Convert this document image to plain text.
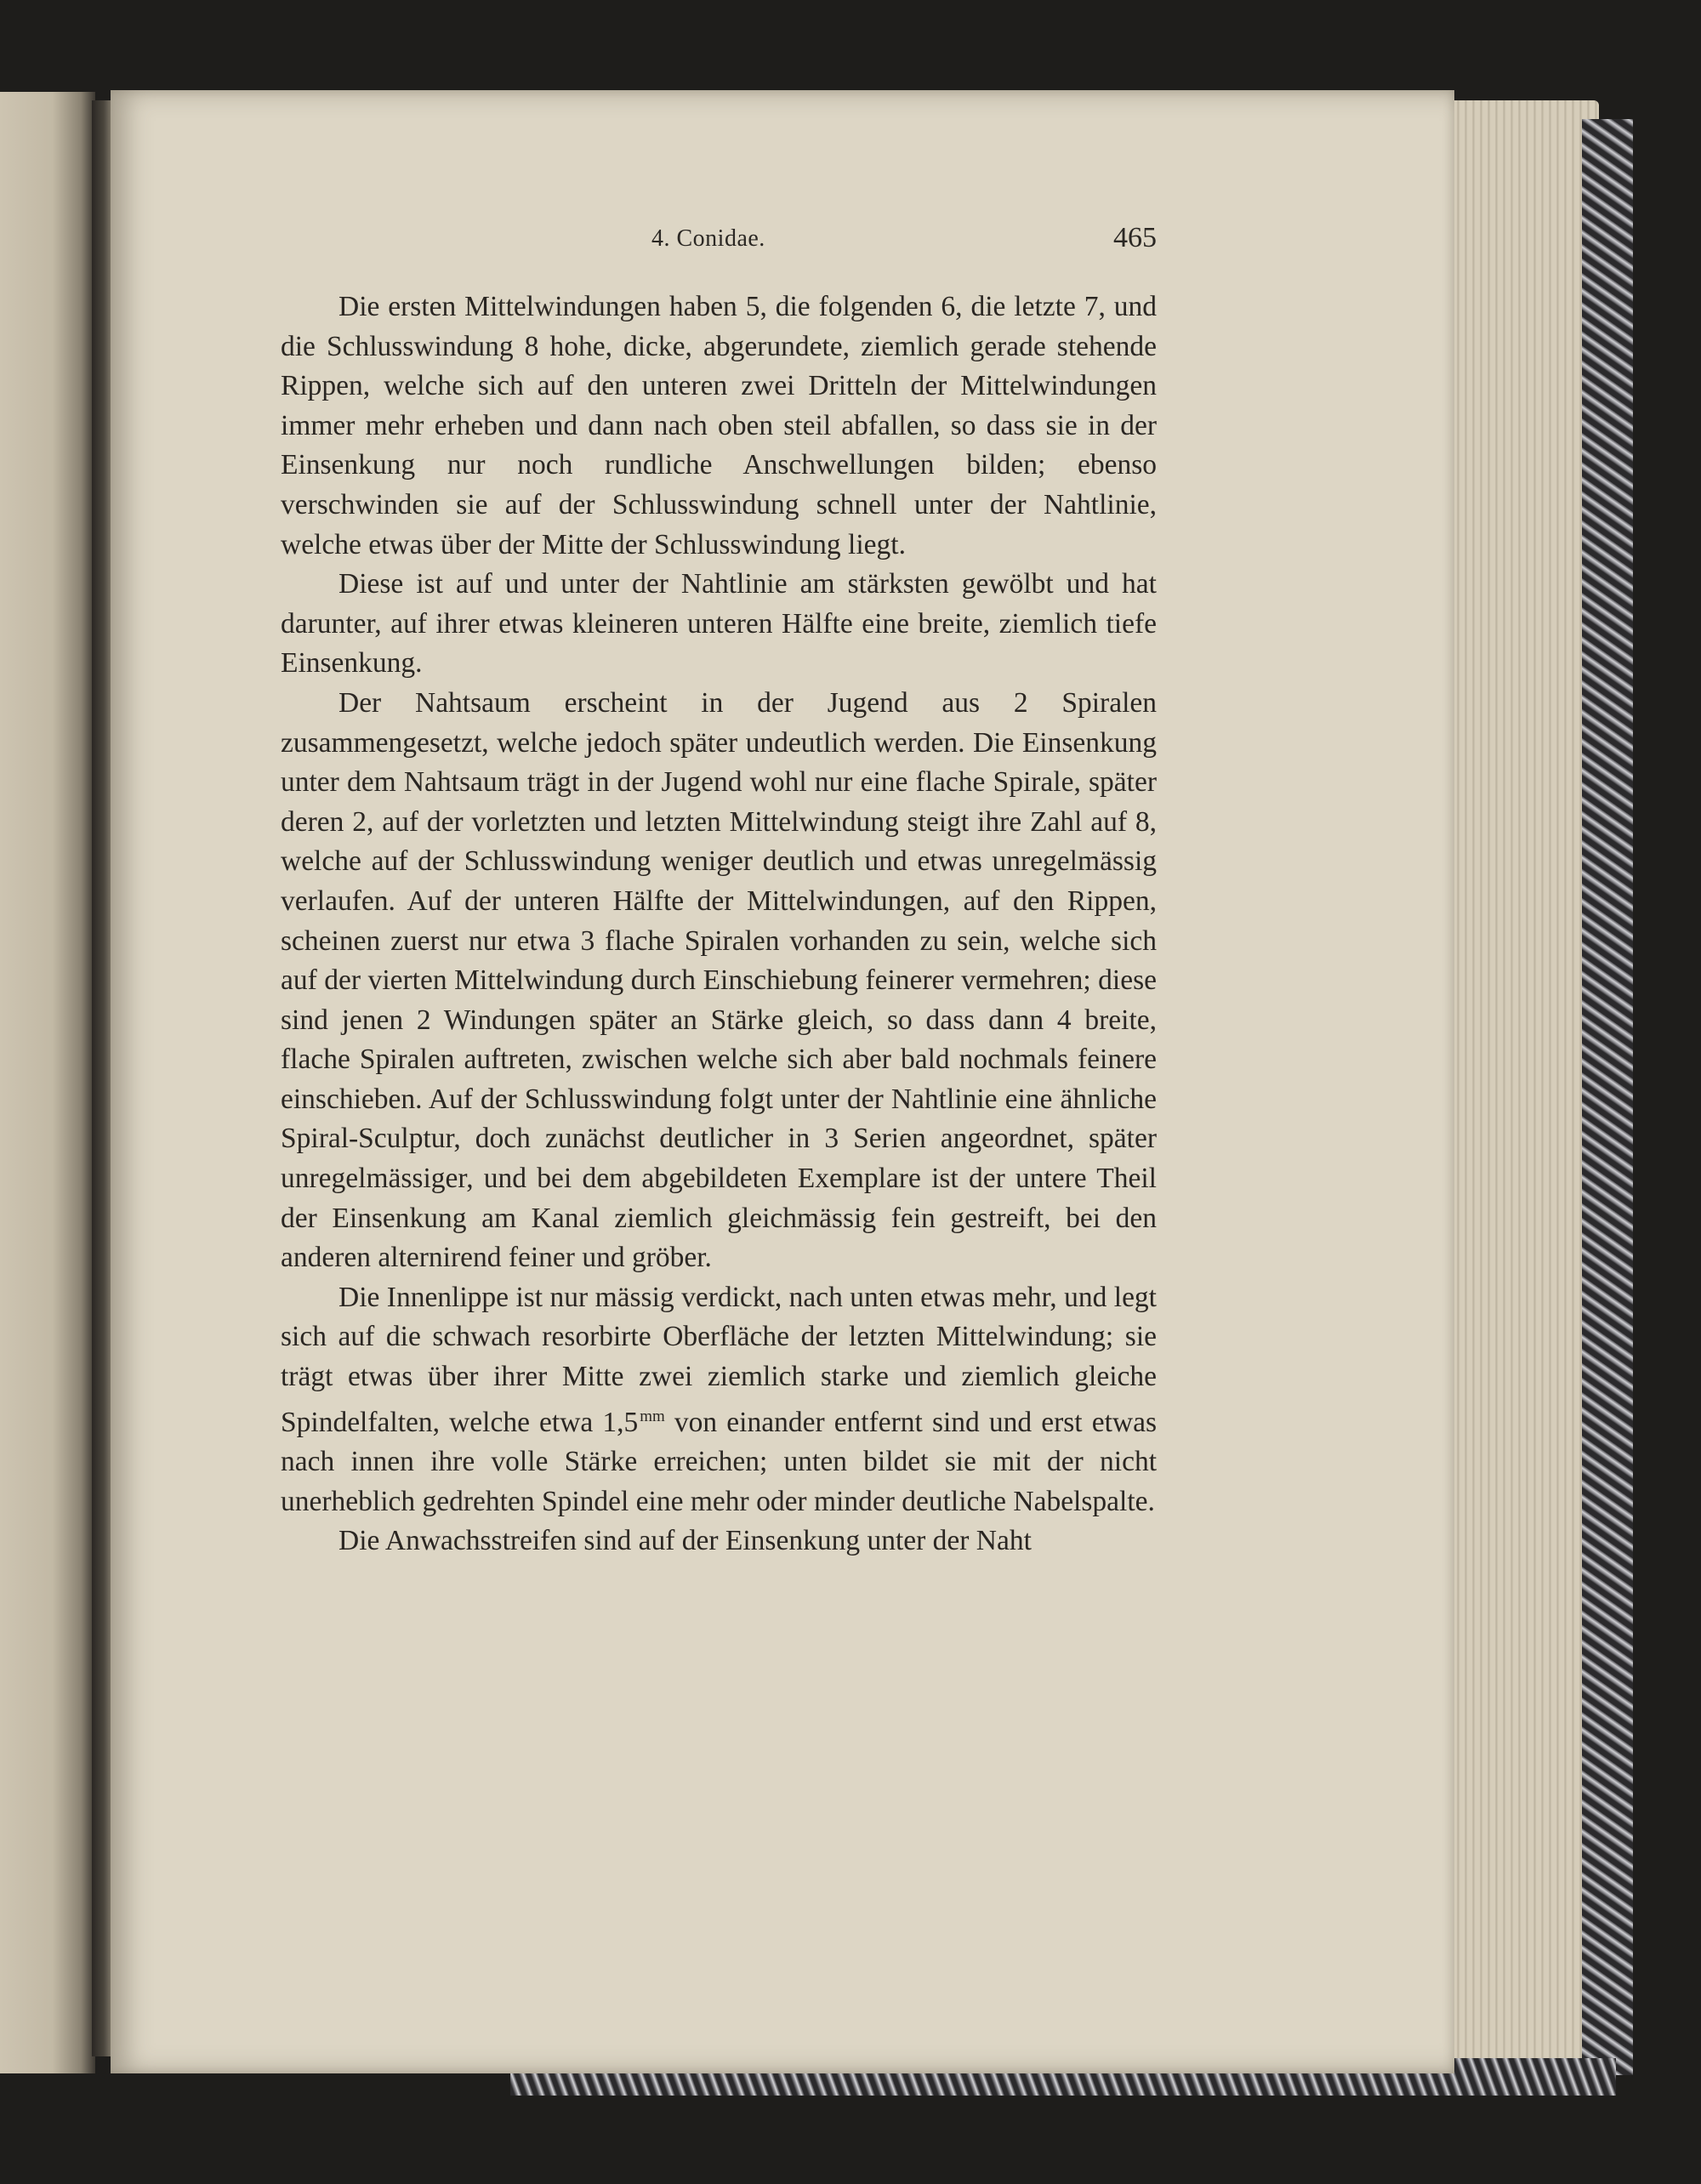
4. Conidae.	465

Die ersten Mittelwindungen haben 5, die folgenden 6, die letzte 7, und die Schlusswindung 8 hohe, dicke, abgerundete, ziemlich gerade stehende Rippen, welche sich auf den unteren zwei Dritteln der Mittelwindungen immer mehr erheben und dann nach oben steil abfallen, so dass sie in der Einsenkung nur noch rundliche Anschwellungen bilden; ebenso verschwinden sie auf der Schlusswindung schnell unter der Nahtlinie, welche etwas über der Mitte der Schlusswindung liegt.

Diese ist auf und unter der Nahtlinie am stärksten gewölbt und hat darunter, auf ihrer etwas kleineren unteren Hälfte eine breite, ziemlich tiefe Einsenkung.

Der Nahtsaum erscheint in der Jugend aus 2 Spiralen zusammengesetzt, welche jedoch später undeutlich werden. Die Einsenkung unter dem Nahtsaum trägt in der Jugend wohl nur eine flache Spirale, später deren 2, auf der vorletzten und letzten Mittelwindung steigt ihre Zahl auf 8, welche auf der Schlusswindung weniger deutlich und etwas unregelmässig verlaufen. Auf der unteren Hälfte der Mittelwindungen, auf den Rippen, scheinen zuerst nur etwa 3 flache Spiralen vorhanden zu sein, welche sich auf der vierten Mittelwindung durch Einschiebung feinerer vermehren; diese sind jenen 2 Windungen später an Stärke gleich, so dass dann 4 breite, flache Spiralen auftreten, zwischen welche sich aber bald nochmals feinere einschieben. Auf der Schlusswindung folgt unter der Nahtlinie eine ähnliche Spiral-Sculptur, doch zunächst deutlicher in 3 Serien angeordnet, später unregelmässiger, und bei dem abgebildeten Exemplare ist der untere Theil der Einsenkung am Kanal ziemlich gleichmässig fein gestreift, bei den anderen alternirend feiner und gröber.

Die Innenlippe ist nur mässig verdickt, nach unten etwas mehr, und legt sich auf die schwach resorbirte Oberfläche der letzten Mittelwindung; sie trägt etwas über ihrer Mitte zwei ziemlich starke und ziemlich gleiche Spindelfalten, welche etwa 1,5 $^{mm}$ von einander entfernt sind und erst etwas nach innen ihre volle Stärke erreichen; unten bildet sie mit der nicht unerheblich gedrehten Spindel eine mehr oder minder deutliche Nabelspalte.

Die Anwachsstreifen sind auf der Einsenkung unter der Naht
